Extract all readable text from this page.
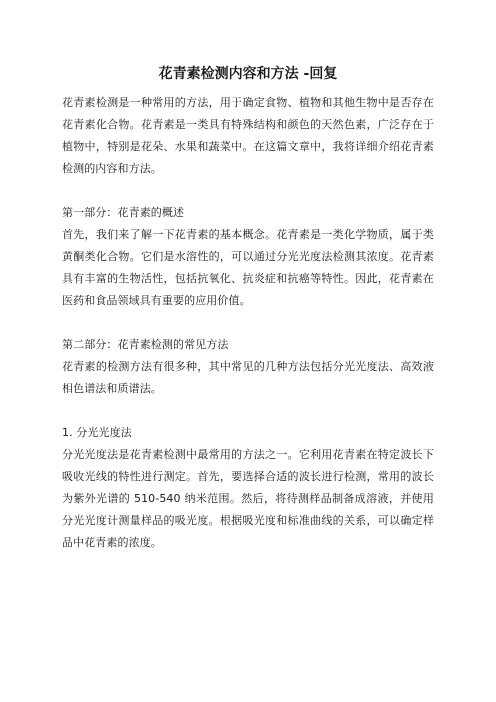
花青素检测内容和方法 -回复

花青素检测是一种常用的方法，用于确定食物、植物和其他生物中是否存在花青素化合物。花青素是一类具有特殊结构和颜色的天然色素，广泛存在于植物中，特别是花朵、水果和蔬菜中。在这篇文章中，我将详细介绍花青素检测的内容和方法。

第一部分：花青素的概述

首先，我们来了解一下花青素的基本概念。花青素是一类化学物质，属于类黄酮类化合物。它们是水溶性的，可以通过分光光度法检测其浓度。花青素具有丰富的生物活性，包括抗氧化、抗炎症和抗癌等特性。因此，花青素在医药和食品领域具有重要的应用价值。

第二部分：花青素检测的常见方法

花青素的检测方法有很多种，其中常见的几种方法包括分光光度法、高效液相色谱法和质谱法。

1. 分光光度法

分光光度法是花青素检测中最常用的方法之一。它利用花青素在特定波长下吸收光线的特性进行测定。首先，要选择合适的波长进行检测，常用的波长为紫外光谱的 510-540 纳米范围。然后，将待测样品制备成溶液，并使用分光光度计测量样品的吸光度。根据吸光度和标准曲线的关系，可以确定样品中花青素的浓度。
